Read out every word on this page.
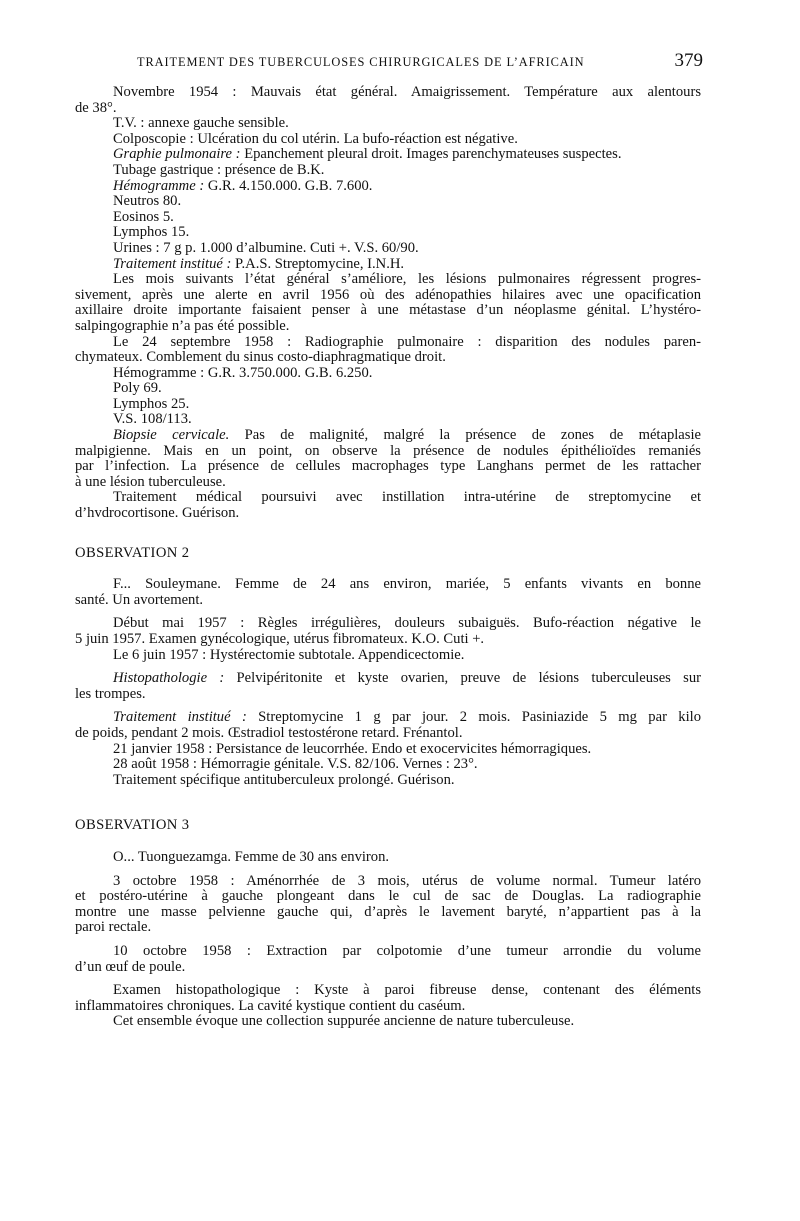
TRAITEMENT DES TUBERCULOSES CHIRURGICALES DE L’AFRICAIN	379

Novembre 1954 : Mauvais état général. Amaigrissement. Température aux alentours

de 38°.

T.V. : annexe gauche sensible.

Colposcopie : Ulcération du col utérin. La bufo-réaction est négative.

Graphie pulmonaire : Epanchement pleural droit. Images parenchymateuses suspectes.

Tubage gastrique : présence de B.K.

Hémogramme : G.R. 4.150.000. G.B. 7.600.

Neutros 80.

Eosinos 5.

Lymphos 15.

Urines : 7 g p. 1.000 d’albumine. Cuti +. V.S. 60/90.

Traitement institué : P.A.S. Streptomycine, I.N.H.

Les mois suivants l’état général s’améliore, les lésions pulmonaires régressent progres-

sivement, après une alerte en avril 1956 où des adénopathies hilaires avec une opacification

axillaire droite importante faisaient penser à une métastase d’un néoplasme génital. L’hystéro-

salpingographie n’a pas été possible.

Le 24 septembre 1958 : Radiographie pulmonaire : disparition des nodules paren-

chymateux. Comblement du sinus costo-diaphragmatique droit.

Hémogramme : G.R. 3.750.000. G.B. 6.250.

Poly 69.

Lymphos 25.

V.S. 108/113.

Biopsie cervicale. Pas de malignité, malgré la présence de zones de métaplasie

malpigienne. Mais en un point, on observe la présence de nodules épithélioïdes remaniés

par l’infection. La présence de cellules macrophages type Langhans permet de les rattacher

à une lésion tuberculeuse.

Traitement médical poursuivi avec instillation intra-utérine de streptomycine et

d’hvdrocortisone. Guérison.

OBSERVATION 2

F... Souleymane. Femme de 24 ans environ, mariée, 5 enfants vivants en bonne

santé. Un avortement.

Début mai 1957 : Règles irrégulières, douleurs subaiguës. Bufo-réaction négative le

5 juin 1957. Examen gynécologique, utérus fibromateux. K.O. Cuti +.

Le 6 juin 1957 : Hystérectomie subtotale. Appendicectomie.

Histopathologie : Pelvipéritonite et kyste ovarien, preuve de lésions tuberculeuses sur

les trompes.

Traitement institué : Streptomycine 1 g par jour. 2 mois. Pasiniazide 5 mg par kilo

de poids, pendant 2 mois. Œstradiol testostérone retard. Frénantol.

21 janvier 1958 : Persistance de leucorrhée. Endo et exocervicites hémorragiques.

28 août 1958 : Hémorragie génitale. V.S. 82/106. Vernes : 23°.

Traitement spécifique antituberculeux prolongé. Guérison.

OBSERVATION 3

O... Tuonguezamga. Femme de 30 ans environ.

3 octobre 1958 : Aménorrhée de 3 mois, utérus de volume normal. Tumeur latéro

et postéro-utérine à gauche plongeant dans le cul de sac de Douglas. La radiographie

montre une masse pelvienne gauche qui, d’après le lavement baryté, n’appartient pas à la

paroi rectale.

10 octobre 1958 : Extraction par colpotomie d’une tumeur arrondie du volume

d’un œuf de poule.

Examen histopathologique : Kyste à paroi fibreuse dense, contenant des éléments

inflammatoires chroniques. La cavité kystique contient du caséum.

Cet ensemble évoque une collection suppurée ancienne de nature tuberculeuse.
